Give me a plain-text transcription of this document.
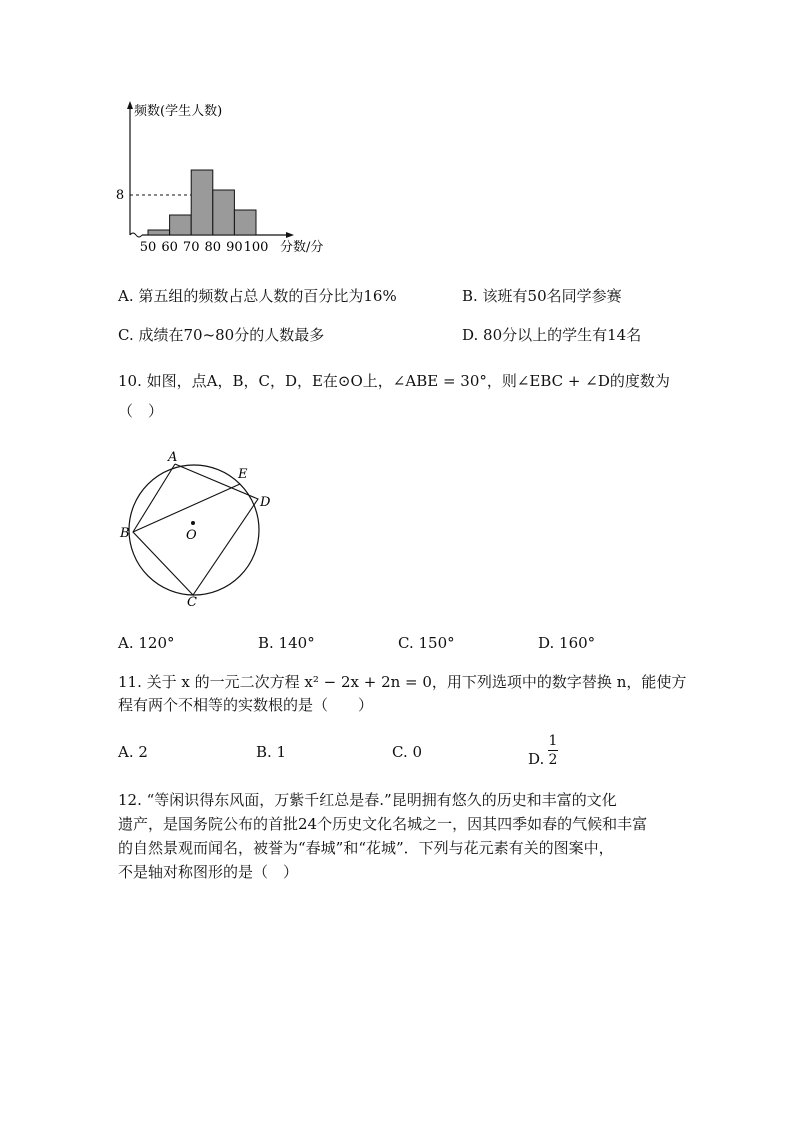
50 60 70 80 90 100
8
频数(学生人数)
分数/分
A. 第五组的频数占总人数的百分比为16%	B. 该班有50名同学参赛
C. 成绩在70~80分的人数最多	D. 80分以上的学生有14名
10. 如图，点A，B，C，D，E在⊙O上，∠ABE = 30°，则∠EBC + ∠D的度数为
（　）
A
B
C
D
E
O
A. 120°	B. 140°	C. 150°	D. 160°
11. 关于 x 的一元二次方程 x² − 2x + 2n = 0，用下列选项中的数字替换 n，能使方
程有两个不相等的实数根的是（　　）
A. 2	B. 1	C. 0	D.
1
2
12. “等闲识得东风面，万紫千红总是春.”昆明拥有悠久的历史和丰富的文化
遗产，是国务院公布的首批24个历史文化名城之一，因其四季如春的气候和丰富
的自然景观而闻名，被誉为“春城”和“花城”．下列与花元素有关的图案中，
不是轴对称图形的是（　）
